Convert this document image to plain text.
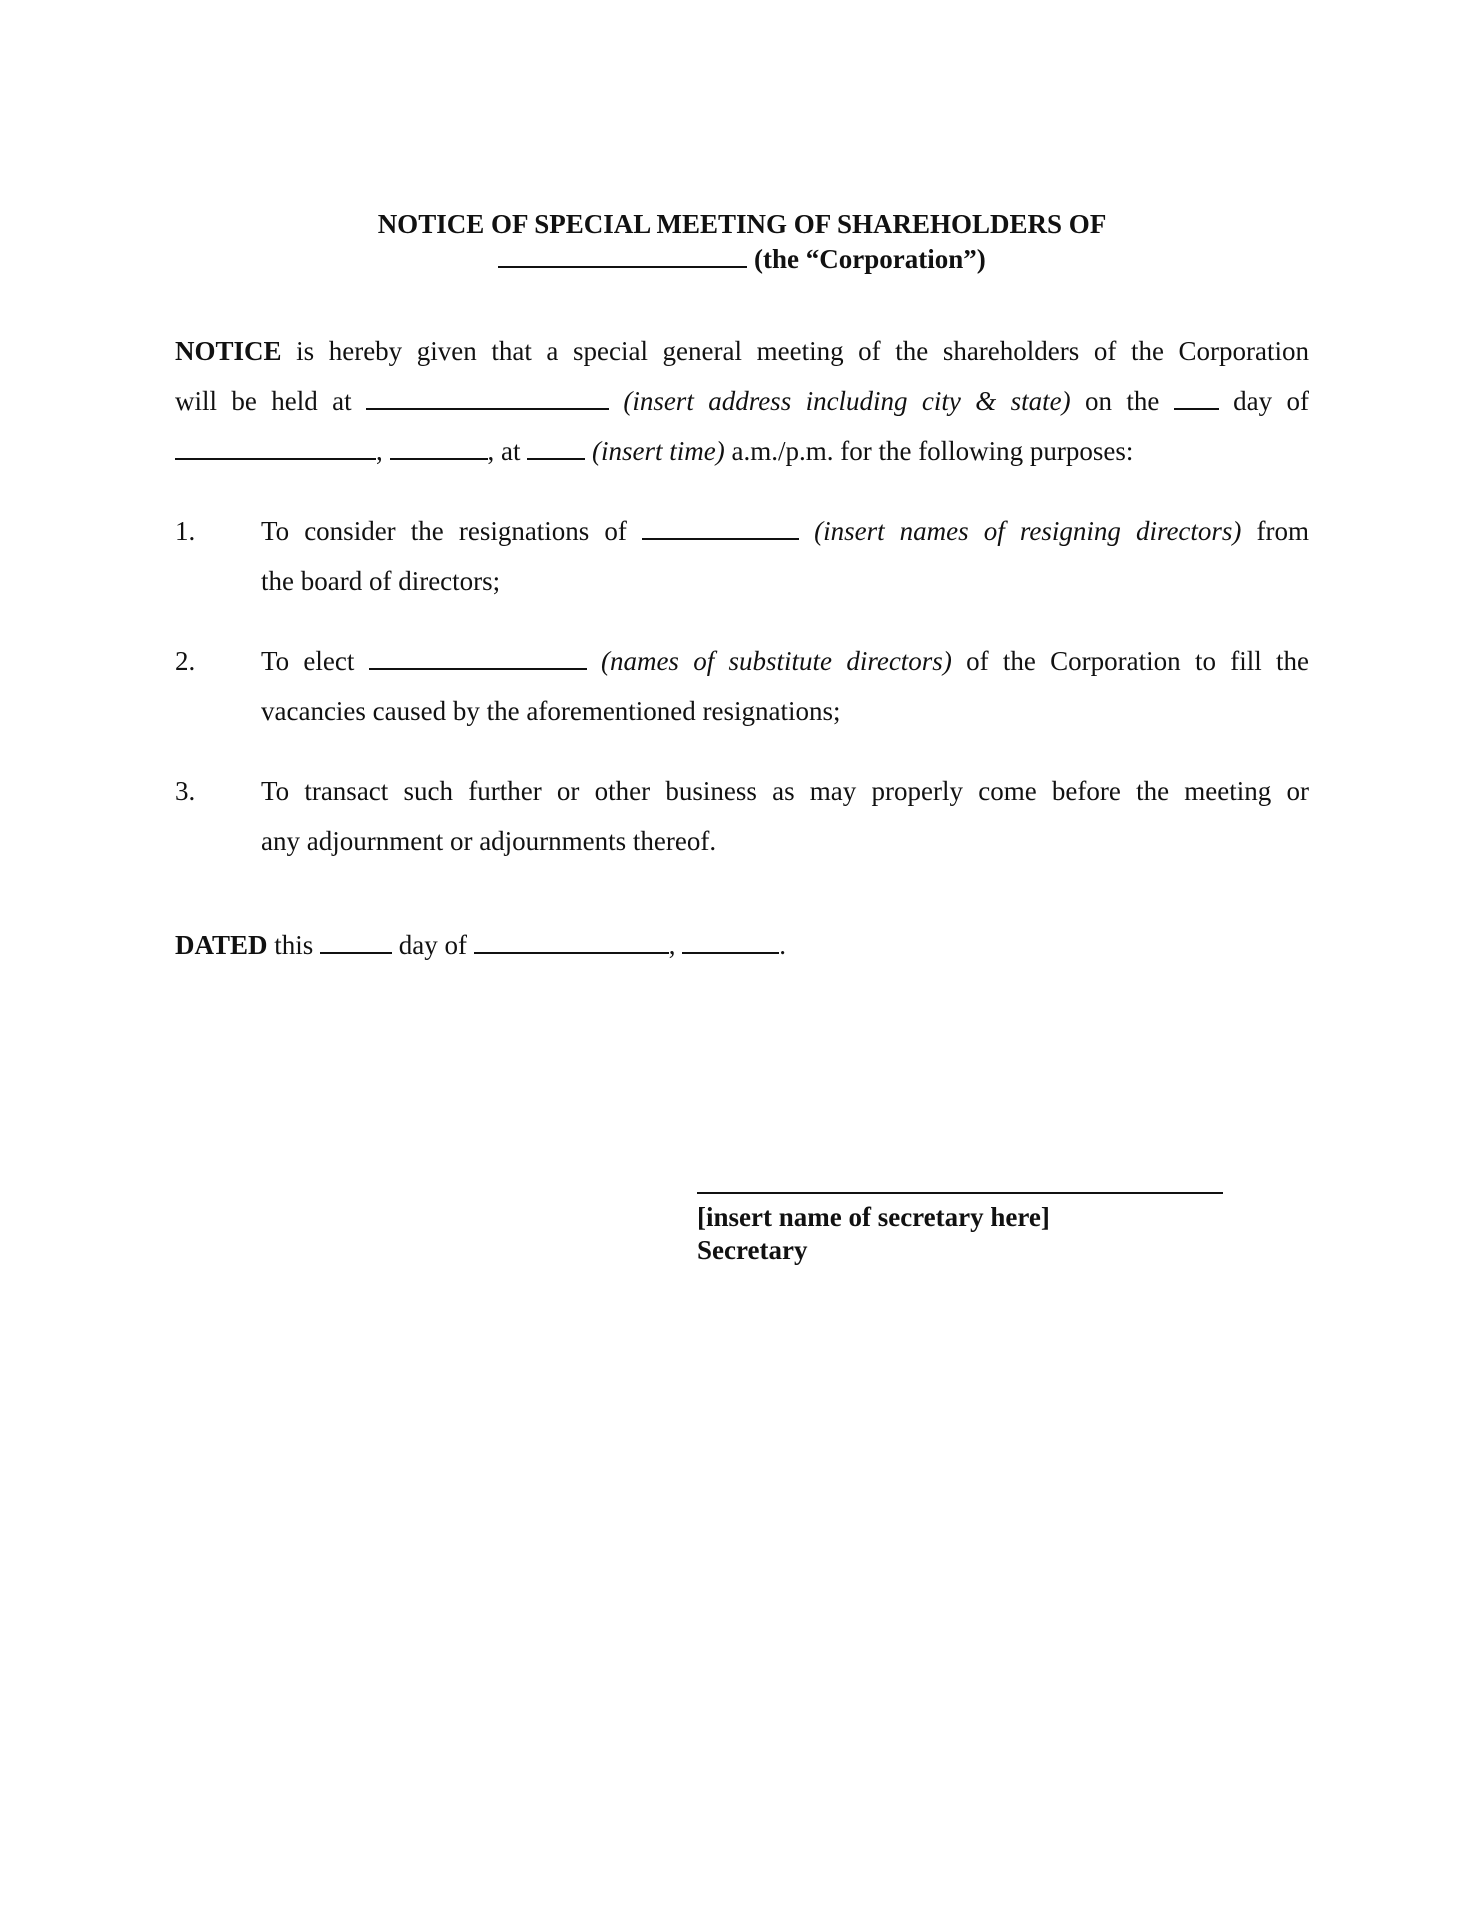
NOTICE OF SPECIAL MEETING OF SHAREHOLDERS OF
(the “Corporation”)
NOTICE is hereby given that a special general meeting of the shareholders of the Corporation
will be held at	(insert address including city & state) on the	day of
,	, at	(insert time) a.m./p.m. for the following purposes:
1. To consider the resignations of	(insert names of resigning directors) from
the board of directors;
2. To elect	(names of substitute directors) of the Corporation to fill the
vacancies caused by the aforementioned resignations;
3. To transact such further or other business as may properly come before the meeting or
any adjournment or adjournments thereof.
DATED this	day of	,	.
[insert name of secretary here]
Secretary
